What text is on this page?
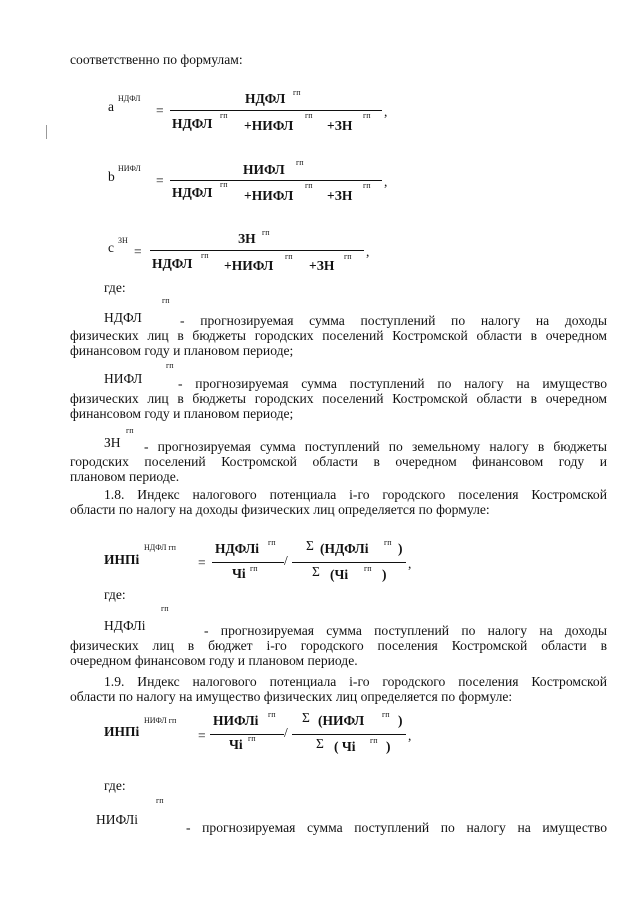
соответственно по формулам:
a
НДФЛ
=
НДФЛ гп
НДФЛ
гп
+НИФЛ
гп
+ЗН
гп ,
b
НИФЛ
=
НИФЛ гп
НДФЛ
гп
+НИФЛ
гп
+ЗН
гп ,
c ЗН
=
ЗН гп
НДФЛ
гп
+НИФЛ
гп
+ЗН
гп ,
где:
НДФЛ
гп
- прогнозируемая сумма поступлений по налогу на доходы
физических лиц в бюджеты городских поселений Костромской области в очередном
финансовом году и плановом периоде;
НИФЛ
гп
- прогнозируемая сумма поступлений по налогу на имущество
физических лиц в бюджеты городских поселений Костромской области в очередном
финансовом году и плановом периоде;
ЗН
гп
- прогнозируемая сумма поступлений по земельному налогу в бюджеты
городских поселений Костромской области в очередном финансовом году и
плановом периоде.
1.8. Индекс налогового потенциала i-го городского поселения Костромской
области по налогу на доходы физических лиц определяется по формуле:
ИНПi
НДФЛ гп
=
НДФЛi гп
Чi гп
/
Σ (НДФЛi гп )
Σ (Чi гп )
,
где:
НДФЛi
гп
- прогнозируемая сумма поступлений по налогу на доходы
физических лиц в бюджет i-го городского поселения Костромской области в
очередном финансовом году и плановом периоде.
1.9. Индекс налогового потенциала i-го городского поселения Костромской
области по налогу на имущество физических лиц определяется по формуле:
ИНПi
НИФЛ гп
=
НИФЛi гп
Чi гп /
Σ (НИФЛ гп )
Σ ( Чi гп )
,
где:
НИФЛi
гп
- прогнозируемая сумма поступлений по налогу на имущество
